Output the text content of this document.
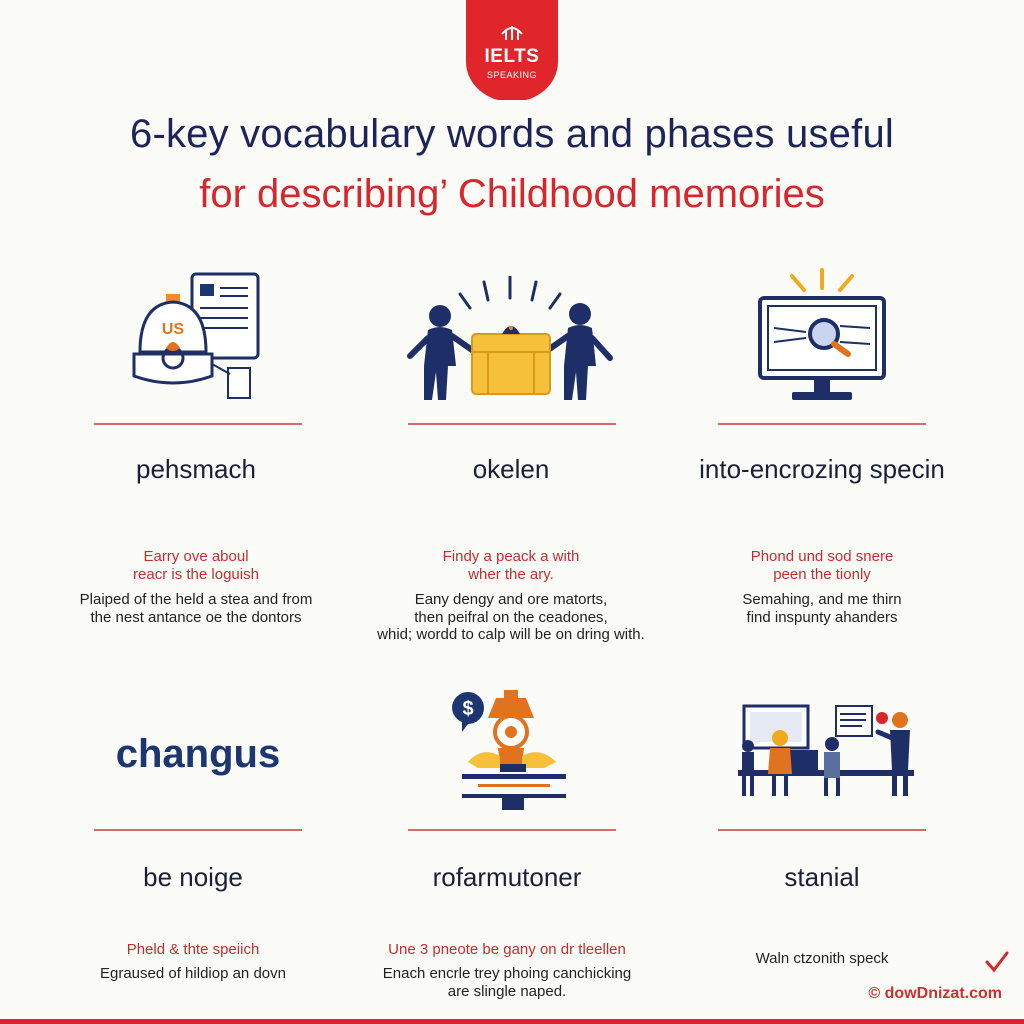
IELTS
SPEAKING
6-key vocabulary words and phases useful
for describing’ Childhood memories
US
pehsmach
Earry ove aboul
reacr is the loguish
Plaiped of the held a stea and from
the nest antance oe the dontors
okelen
Findy a peack a with
wher the ary.
Eany dengy and ore matorts,
then peifral on the ceadones,
whid; wordd to calp will be on dring with.
into-encrozing specin
Phond und sod snere
peen the tionly
Semahing, and me thirn
find inspunty ahanders
changus
be noige
Pheld & thte speiich
Egraused of hildiop an dovn
$
rofarmutoner
Une 3 pneote be gany on dr tleellen
Enach encrle trey phoing canchicking
are slingle naped.
stanial
Waln ctzonith speck
© dowDnizat.com
